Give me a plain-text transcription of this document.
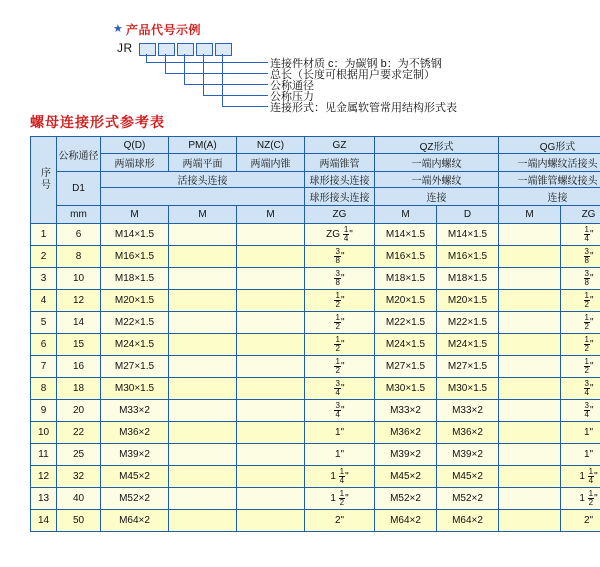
★ 产品代号示例
JR
连接件材质 c：为碳钢 b：为不锈钢
总长（长度可根据用户要求定制）
公称通径
公称压力
连接形式：见金属软管常用结构形式表
螺母连接形式参考表
序号	公称通径	Q(D)	PM(A)	NZ(C)	GZ	QZ形式		QG形式	
		两端球形	两端平面	两端内锥	两端锥管	一端内螺纹		一端内螺纹活接头	
	D1	活接头连接			球形接头连接	一端外螺纹		一端锥管螺纹接头	
					球形接头连接	连接		连接	
	mm	M	M	M	ZG	M	D	M	ZG
1	6	M14×1.5			ZG $\frac{1}{4}$ "	M14×1.5	M14×1.5		$\frac{1}{4}$ "
2	8	M16×1.5			$\frac{3}{8}$ "	M16×1.5	M16×1.5		$\frac{3}{8}$ "
3	10	M18×1.5			$\frac{3}{8}$ "	M18×1.5	M18×1.5		$\frac{3}{8}$ "
4	12	M20×1.5			$\frac{1}{2}$ "	M20×1.5	M20×1.5		$\frac{1}{2}$ "
5	14	M22×1.5			$\frac{1}{2}$ "	M22×1.5	M22×1.5		$\frac{1}{2}$ "
6	15	M24×1.5			$\frac{1}{2}$ "	M24×1.5	M24×1.5		$\frac{1}{2}$ "
7	16	M27×1.5			$\frac{1}{2}$ "	M27×1.5	M27×1.5		$\frac{1}{2}$ "
8	18	M30×1.5			$\frac{3}{4}$ "	M30×1.5	M30×1.5		$\frac{3}{4}$ "
9	20	M33×2			$\frac{3}{4}$ "	M33×2	M33×2		$\frac{3}{4}$ "
10	22	M36×2			1"	M36×2	M36×2		1"
11	25	M39×2			1"	M39×2	M39×2		1"
12	32	M45×2			$1 \frac{1}{4}$ "	M45×2	M45×2		$1 \frac{1}{4}$ "
13	40	M52×2			$1 \frac{1}{2}$ "	M52×2	M52×2		$1 \frac{1}{2}$ "
14	50	M64×2			2"	M64×2	M64×2		2"
